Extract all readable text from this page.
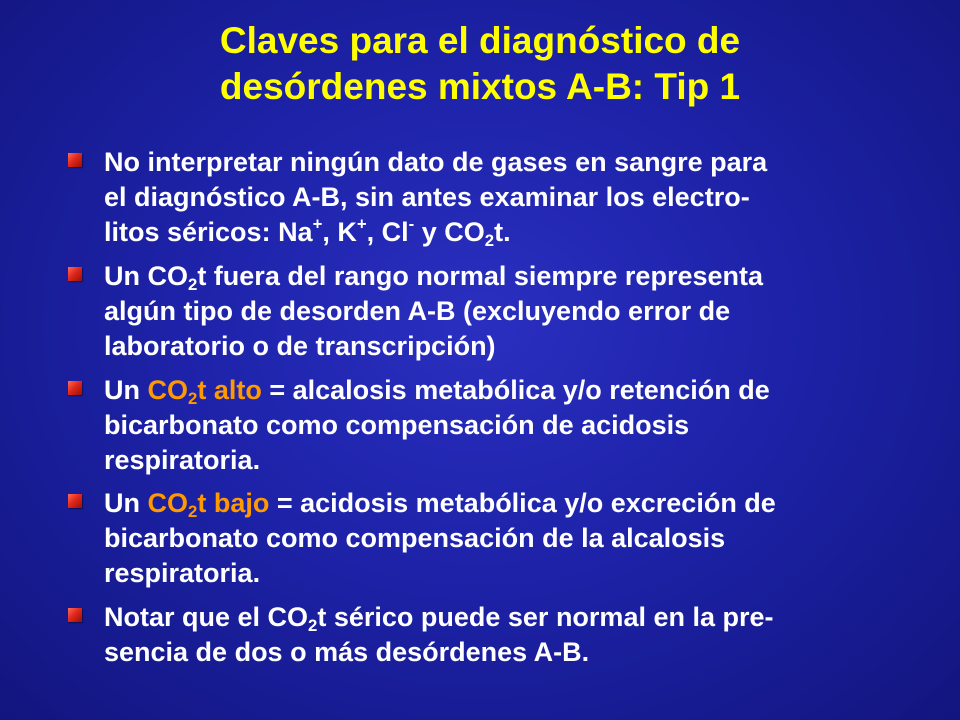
Claves para el diagnóstico de
desórdenes mixtos A-B: Tip 1
No interpretar ningún dato de gases en sangre para
el diagnóstico A-B, sin antes examinar los electro-
litos séricos: Na+, K+, Cl- y $CO_2t$.
Un $CO_2t$ fuera del rango normal siempre representa
algún tipo de desorden A-B (excluyendo error de
laboratorio o de transcripción)
Un $CO_2t$ alto = alcalosis metabólica y/o retención de
bicarbonato como compensación de acidosis
respiratoria.
Un $CO_2t$ bajo = acidosis metabólica y/o excreción de
bicarbonato como compensación de la alcalosis
respiratoria.
Notar que el $CO_2t$ sérico puede ser normal en la pre-
sencia de dos o más desórdenes A-B.
